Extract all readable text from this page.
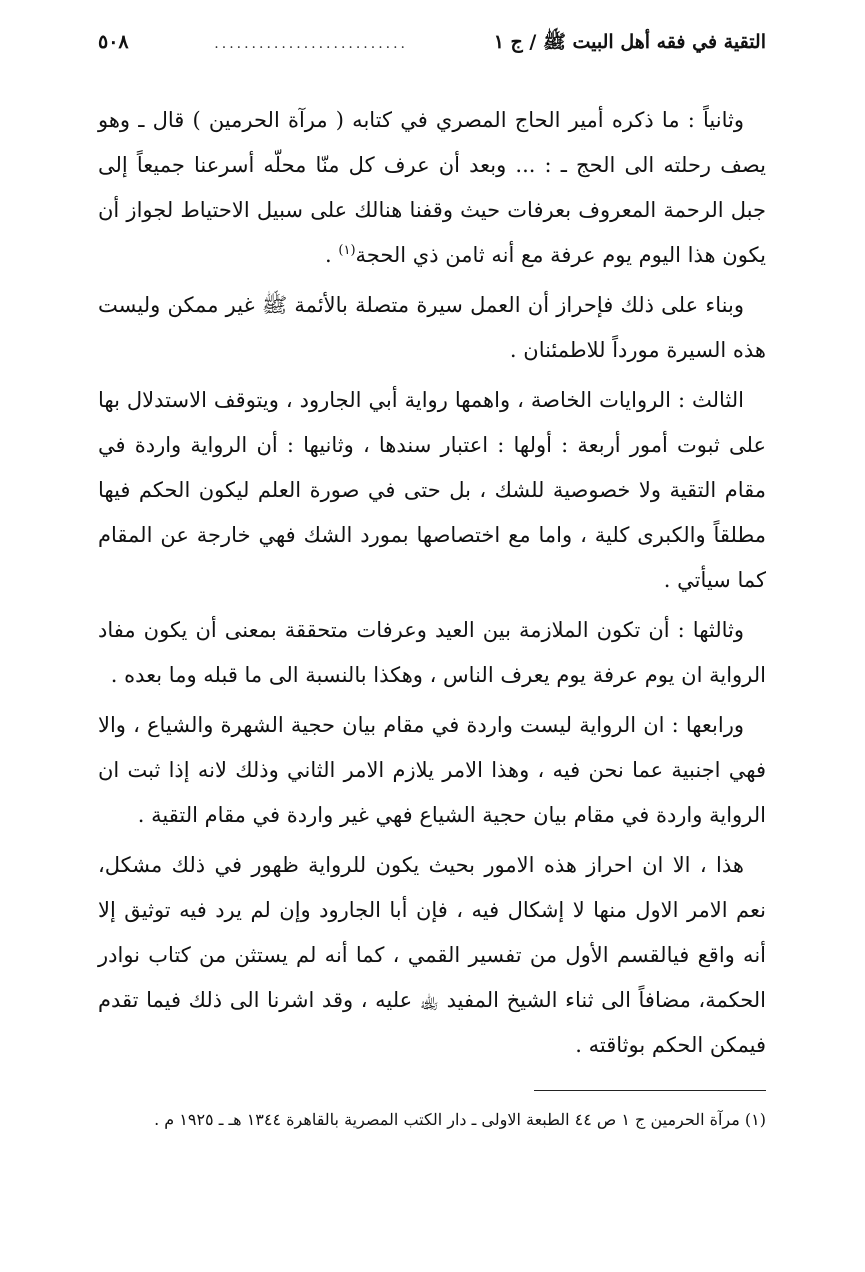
التقية في فقه أهل البيت ﷺ / ج ١
..........................
٥٠٨

وثانياً : ما ذكره أمير الحاج المصري في كتابه ( مرآة الحرمين ) قال ـ وهو يصف رحلته الى الحج ـ : ... وبعد أن عرف كل منّا محلّه أسرعنا جميعاً إلى جبل الرحمة المعروف بعرفات حيث وقفنا هنالك على سبيل الاحتياط لجواز أن يكون هذا اليوم يوم عرفة مع أنه ثامن ذي الحجة$^{(١)}$ .

وبناء على ذلك فإحراز أن العمل سيرة متصلة بالأئمة ﷺ غير ممكن وليست هذه السيرة مورداً للاطمئنان .

الثالث : الروايات الخاصة ، واهمها رواية أبي الجارود ، ويتوقف الاستدلال بها على ثبوت أمور أربعة : أولها : اعتبار سندها ، وثانيها : أن الرواية واردة في مقام التقية ولا خصوصية للشك ، بل حتى في صورة العلم ليكون الحكم فيها مطلقاً والكبرى كلية ، واما مع اختصاصها بمورد الشك فهي خارجة عن المقام كما سيأتي .

وثالثها : أن تكون الملازمة بين العيد وعرفات متحققة بمعنى أن يكون مفاد الرواية ان يوم عرفة يوم يعرف الناس ، وهكذا بالنسبة الى ما قبله وما بعده .

ورابعها : ان الرواية ليست واردة في مقام بيان حجية الشهرة والشياع ، والا فهي اجنبية عما نحن فيه ، وهذا الامر يلازم الامر الثاني وذلك لانه إذا ثبت ان الرواية واردة في مقام بيان حجية الشياع فهي غير واردة في مقام التقية .

هذا ، الا ان احراز هذه الامور بحيث يكون للرواية ظهور في ذلك مشكل، نعم الامر الاول منها لا إشكال فيه ، فإن أبا الجارود وإن لم يرد فيه توثيق إلا أنه واقع فيالقسم الأول من تفسير القمي ، كما أنه لم يستثن من كتاب نوادر الحكمة، مضافاً الى ثناء الشيخ المفيد ﵀ عليه ، وقد اشرنا الى ذلك فيما تقدم فيمكن الحكم بوثاقته .

(١) مرآة الحرمين ج ١ ص ٤٤ الطبعة الاولى ـ دار الكتب المصرية بالقاهرة ١٣٤٤ هـ ـ ١٩٢٥ م .
